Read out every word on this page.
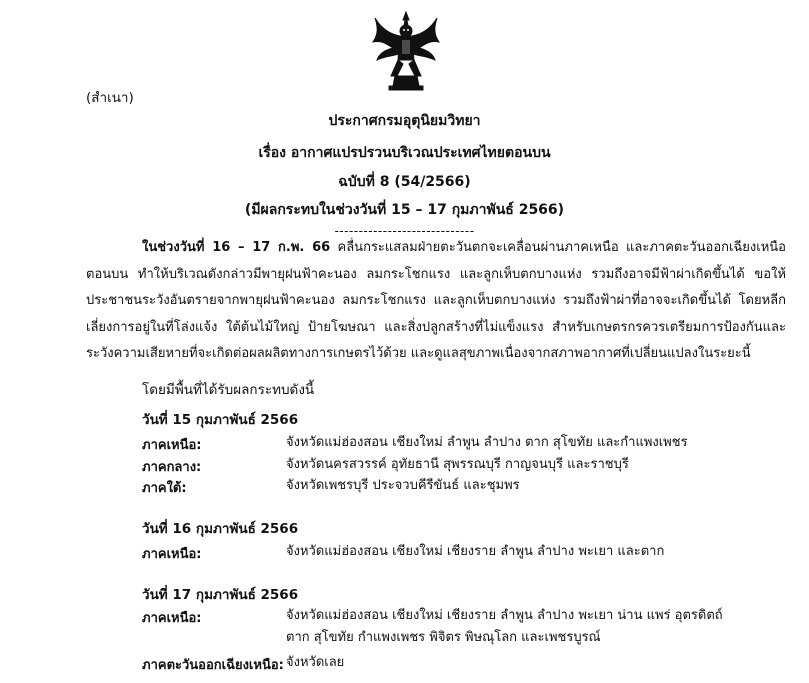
(สำเนา)
ประกาศกรมอุตุนิยมวิทยา
เรื่อง อากาศแปรปรวนบริเวณประเทศไทยตอนบน
ฉบับที่ 8 (54/2566)
(มีผลกระทบในช่วงวันที่ 15 – 17 กุมภาพันธ์ 2566)
-----------------------------
ในช่วงวันที่ 16 – 17 ก.พ. 66 คลื่นกระแสลมฝ่ายตะวันตกจะเคลื่อนผ่านภาคเหนือ และภาคตะวันออกเฉียงเหนือตอนบน ทำให้บริเวณดังกล่าวมีพายุฝนฟ้าคะนอง ลมกระโชกแรง และลูกเห็บตกบางแห่ง รวมถึงอาจมีฟ้าผ่าเกิดขึ้นได้ ขอให้ประชาชนระวังอันตรายจากพายุฝนฟ้าคะนอง ลมกระโชกแรง และลูกเห็บตกบางแห่ง รวมถึงฟ้าผ่าที่อาจจะเกิดขึ้นได้ โดยหลีกเลี่ยงการอยู่ในที่โล่งแจ้ง ใต้ต้นไม้ใหญ่ ป้ายโฆษณา และสิ่งปลูกสร้างที่ไม่แข็งแรง สำหรับเกษตรกรควรเตรียมการป้องกันและระวังความเสียหายที่จะเกิดต่อผลผลิตทางการเกษตรไว้ด้วย และดูแลสุขภาพเนื่องจากสภาพอากาศที่เปลี่ยนแปลงในระยะนี้
โดยมีพื้นที่ได้รับผลกระทบดังนี้
วันที่ 15 กุมภาพันธ์ 2566
ภาคเหนือ:	จังหวัดแม่ฮ่องสอน เชียงใหม่ ลำพูน ลำปาง ตาก สุโขทัย และกำแพงเพชร
ภาคกลาง:	จังหวัดนครสวรรค์ อุทัยธานี สุพรรณบุรี กาญจนบุรี และราชบุรี
ภาคใต้:	จังหวัดเพชรบุรี ประจวบคีรีขันธ์ และชุมพร
วันที่ 16 กุมภาพันธ์ 2566
ภาคเหนือ:	จังหวัดแม่ฮ่องสอน เชียงใหม่ เชียงราย ลำพูน ลำปาง พะเยา และตาก
วันที่ 17 กุมภาพันธ์ 2566
ภาคเหนือ:	จังหวัดแม่ฮ่องสอน เชียงใหม่ เชียงราย ลำพูน ลำปาง พะเยา น่าน แพร่ อุตรดิตถ์ ตาก สุโขทัย กำแพงเพชร พิจิตร พิษณุโลก และเพชรบูรณ์
ภาคตะวันออกเฉียงเหนือ: จังหวัดเลย
